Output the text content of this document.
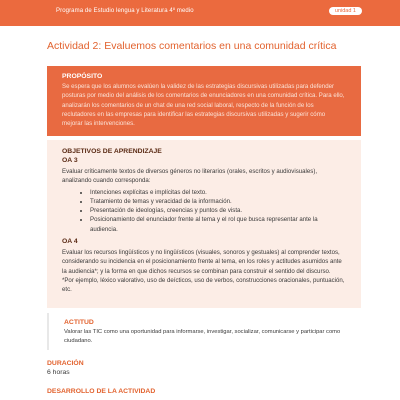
Programa de Estudio lengua y Literatura 4º medio	unidad 1
Actividad 2: Evaluemos comentarios en una comunidad crítica
PROPÓSITO
Se espera que los alumnos evalúen la validez de las estrategias discursivas utilizadas para defender posturas por medio del análisis de los comentarios de enunciadores en una comunidad crítica. Para ello, analizarán los comentarios de un chat de una red social laboral, respecto de la función de los reclutadores en las empresas para identificar las estrategias discursivas utilizadas y sugerir cómo mejorar las intervenciones.
OBJETIVOS DE APRENDIZAJE
OA 3
Evaluar críticamente textos de diversos géneros no literarios (orales, escritos y audiovisuales), analizando cuando corresponda:
• Intenciones explícitas e implícitas del texto.
• Tratamiento de temas y veracidad de la información.
• Presentación de ideologías, creencias y puntos de vista.
• Posicionamiento del enunciador frente al tema y el rol que busca representar ante la audiencia.
OA 4
Evaluar los recursos lingüísticos y no lingüísticos (visuales, sonoros y gestuales) al comprender textos, considerando su incidencia en el posicionamiento frente al tema, en los roles y actitudes asumidos ante la audiencia*; y la forma en que dichos recursos se combinan para construir el sentido del discurso.
*Por ejemplo, léxico valorativo, uso de deícticos, uso de verbos, construcciones oracionales, puntuación, etc.
ACTITUD
Valorar las TIC como una oportunidad para informarse, investigar, socializar, comunicarse y participar como ciudadano.
DURACIÓN
6 horas
DESARROLLO DE LA ACTIVIDAD
